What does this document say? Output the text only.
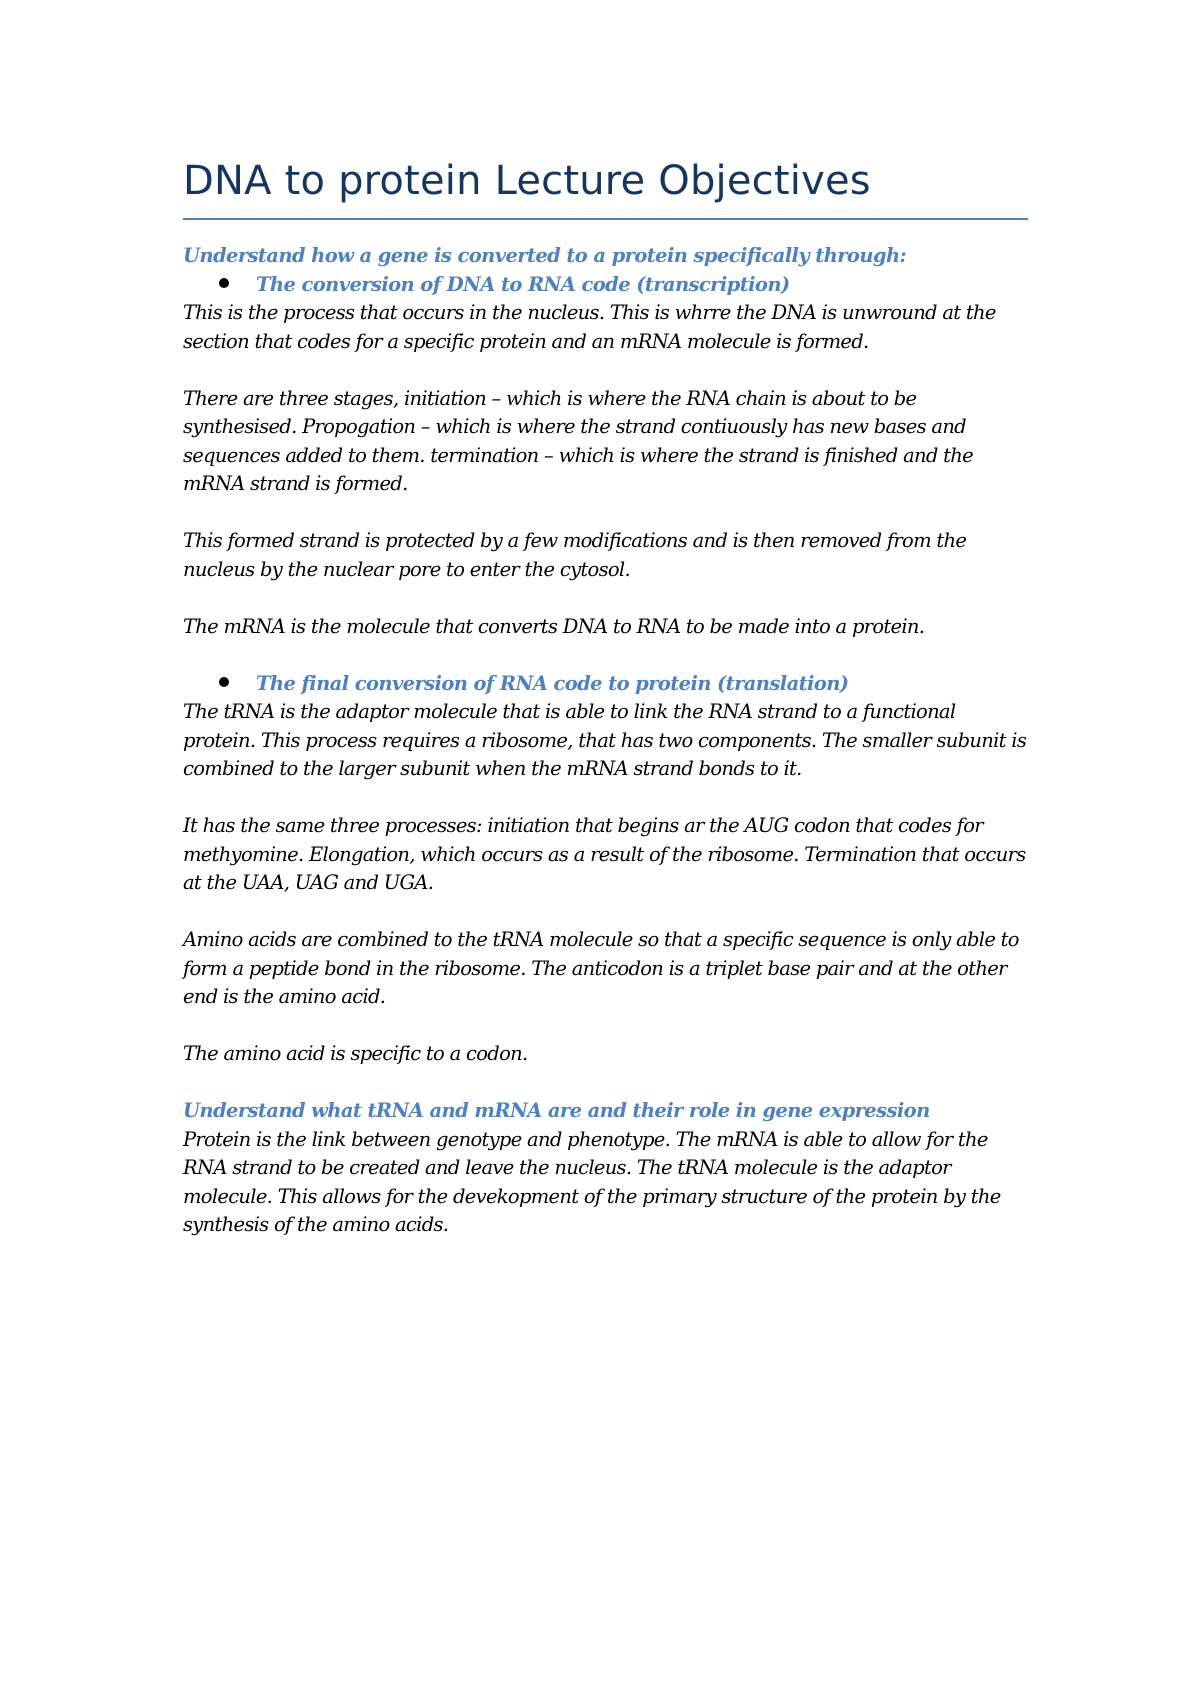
DNA to protein Lecture Objectives

Understand how a gene is converted to a protein specifically through:

The conversion of DNA to RNA code (transcription)

This is the process that occurs in the nucleus. This is whrre the DNA is unwround at the section that codes for a specific protein and an mRNA molecule is formed.

There are three stages, initiation – which is where the RNA chain is about to be synthesised. Propogation – which is where the strand contiuously has new bases and sequences added to them. termination – which is where the strand is finished and the mRNA strand is formed.

This formed strand is protected by a few modifications and is then removed from the nucleus by the nuclear pore to enter the cytosol.

The mRNA is the molecule that converts DNA to RNA to be made into a protein.

The final conversion of RNA code to protein (translation)

The tRNA is the adaptor molecule that is able to link the RNA strand to a functional protein. This process requires a ribosome, that has two components. The smaller subunit is combined to the larger subunit when the mRNA strand bonds to it.

It has the same three processes: initiation that begins ar the AUG codon that codes for methyomine. Elongation, which occurs as a result of the ribosome. Termination that occurs at the UAA, UAG and UGA.

Amino acids are combined to the tRNA molecule so that a specific sequence is only able to form a peptide bond in the ribosome. The anticodon is a triplet base pair and at the other end is the amino acid.

The amino acid is specific to a codon.

Understand what tRNA and mRNA are and their role in gene expression

Protein is the link between genotype and phenotype. The mRNA is able to allow for the RNA strand to be created and leave the nucleus. The tRNA molecule is the adaptor molecule. This allows for the devekopment of the primary structure of the protein by the synthesis of the amino acids.
